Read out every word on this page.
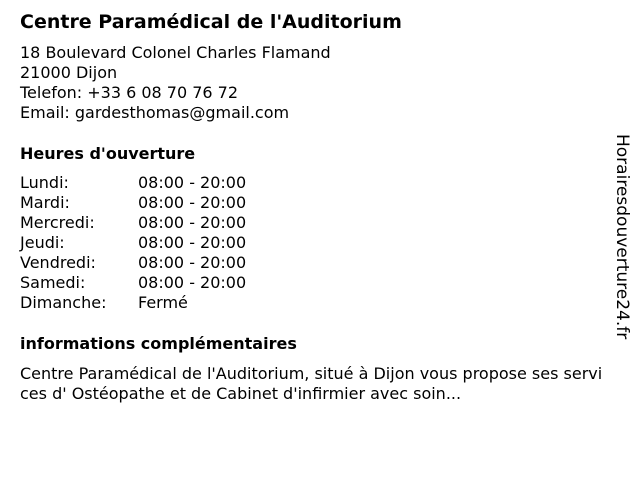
Centre Paramédical de l'Auditorium
18 Boulevard Colonel Charles Flamand
21000 Dijon
Telefon: +33 6 08 70 76 72
Email: gardesthomas@gmail.com
Heures d'ouverture
Lundi:	08:00 - 20:00
Mardi:	08:00 - 20:00
Mercredi:	08:00 - 20:00
Jeudi:	08:00 - 20:00
Vendredi:	08:00 - 20:00
Samedi:	08:00 - 20:00
Dimanche:	Fermé
informations complémentaires
Centre Paramédical de l'Auditorium, situé à Dijon vous propose ses services d' Ostéopathe et de Cabinet d'infirmier avec soin...
Horairesdouverture24.fr
